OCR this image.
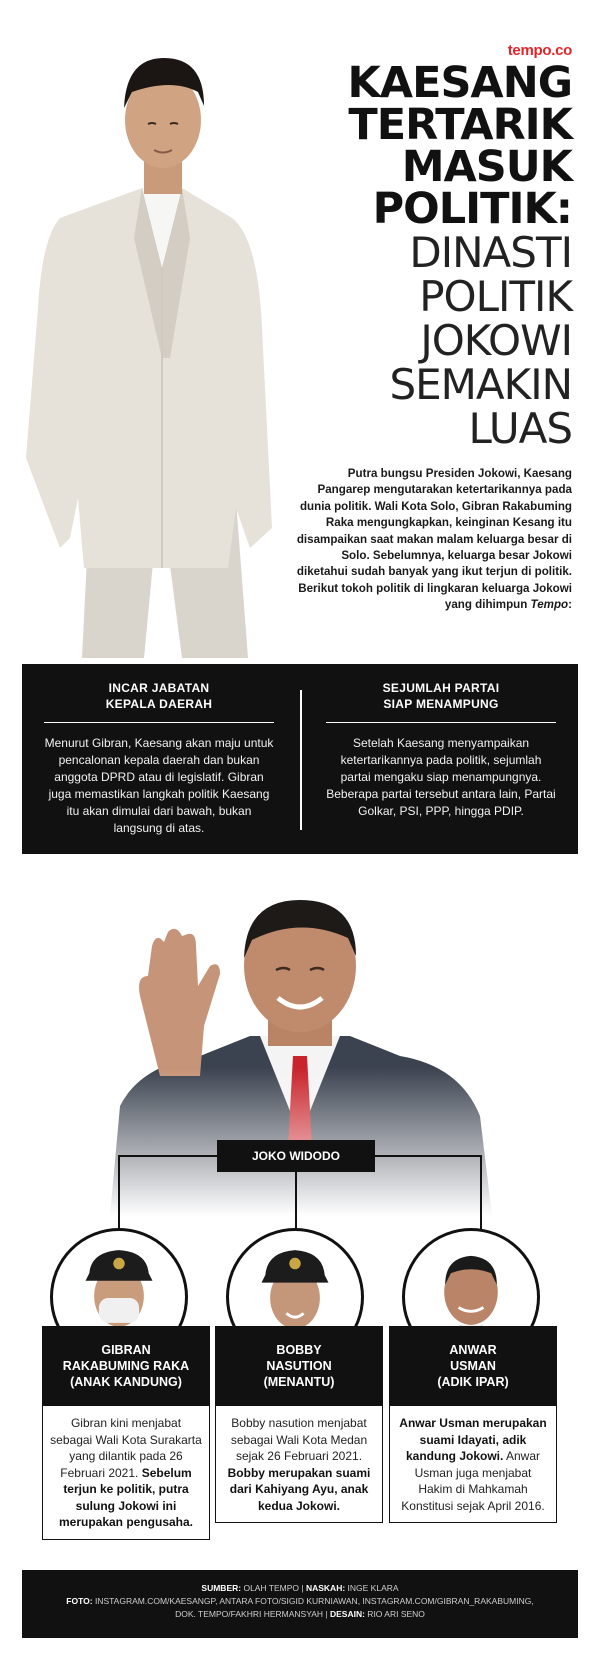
tempo.co
KAESANG
TERTARIK
MASUK
POLITIK:
DINASTI
POLITIK
JOKOWI
SEMAKIN
LUAS
Putra bungsu Presiden Jokowi, Kaesang Pangarep mengutarakan ketertarikannya pada dunia politik. Wali Kota Solo, Gibran Rakabuming Raka mengungkapkan, keinginan Kesang itu disampaikan saat makan malam keluarga besar di Solo. Sebelumnya, keluarga besar Jokowi diketahui sudah banyak yang ikut terjun di politik. Berikut tokoh politik di lingkaran keluarga Jokowi yang dihimpun Tempo:
INCAR JABATAN
KEPALA DAERAH
Menurut Gibran, Kaesang akan maju untuk pencalonan kepala daerah dan bukan anggota DPRD atau di legislatif. Gibran juga memastikan langkah politik Kaesang itu akan dimulai dari bawah, bukan langsung di atas.
SEJUMLAH PARTAI
SIAP MENAMPUNG
Setelah Kaesang menyampaikan ketertarikannya pada politik, sejumlah partai mengaku siap menampungnya. Beberapa partai tersebut antara lain, Partai Golkar, PSI, PPP, hingga PDIP.
JOKO WIDODO
GIBRAN
RAKABUMING RAKA
(ANAK KANDUNG)
BOBBY
NASUTION
(MENANTU)
ANWAR
USMAN
(ADIK IPAR)
Gibran kini menjabat sebagai Wali Kota Surakarta yang dilantik pada 26 Februari 2021. Sebelum terjun ke politik, putra sulung Jokowi ini merupakan pengusaha.
Bobby nasution menjabat sebagai Wali Kota Medan sejak 26 Februari 2021. Bobby merupakan suami dari Kahiyang Ayu, anak kedua Jokowi.
Anwar Usman merupakan suami Idayati, adik kandung Jokowi. Anwar Usman juga menjabat Hakim di Mahkamah Konstitusi sejak April 2016.
SUMBER: OLAH TEMPO | NASKAH: INGE KLARA
FOTO: INSTAGRAM.COM/KAESANGP, ANTARA FOTO/SIGID KURNIAWAN, INSTAGRAM.COM/GIBRAN_RAKABUMING,
DOK. TEMPO/FAKHRI HERMANSYAH | DESAIN: RIO ARI SENO
